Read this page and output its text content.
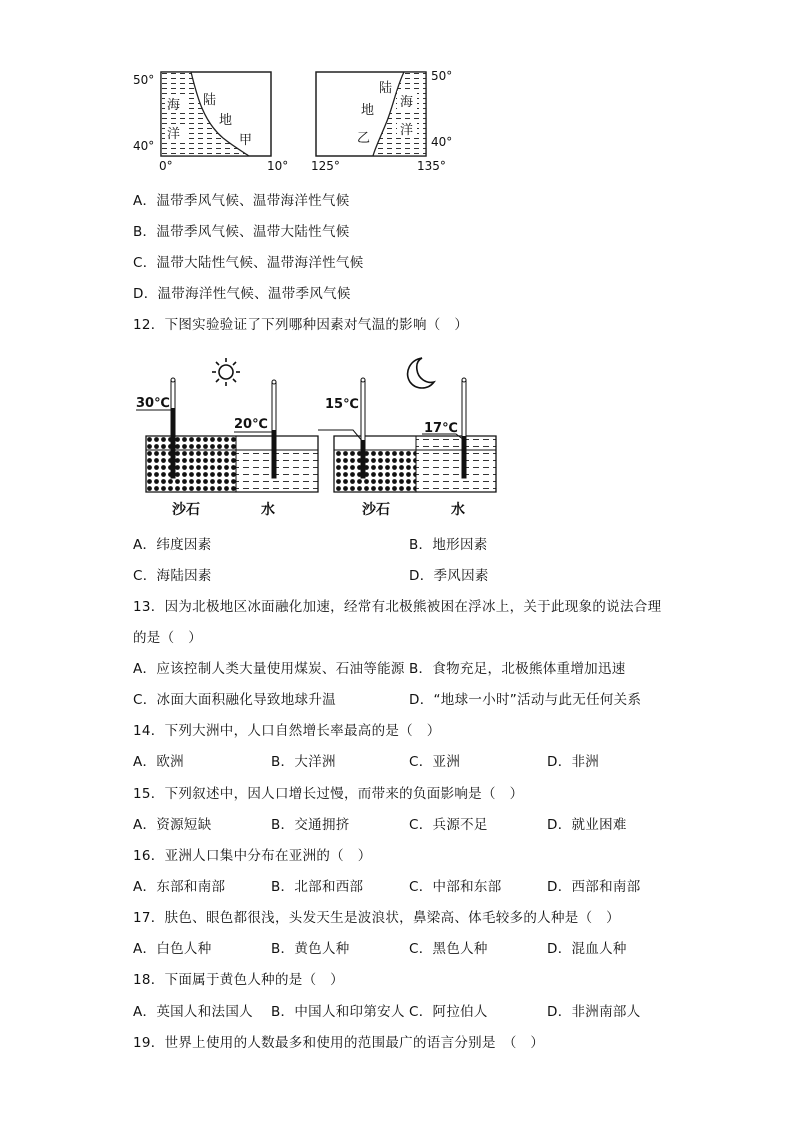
50°
40°
0°	10°
海
洋
陆
地
甲
50°
40°
125°	135°
陆
地
乙
海
洋
A．温带季风气候、温带海洋性气候
B．温带季风气候、温带大陆性气候
C．温带大陆性气候、温带海洋性气候
D．温带海洋性气候、温带季风气候
12．下图实验验证了下列哪种因素对气温的影响（　）
30℃
20℃
沙石	水
15℃
17℃
沙石	水
A．纬度因素	B．地形因素
C．海陆因素	D．季风因素
13．因为北极地区冰面融化加速，经常有北极熊被困在浮冰上，关于此现象的说法合理
的是（　）
A．应该控制人类大量使用煤炭、石油等能源 B．食物充足，北极熊体重增加迅速
C．冰面大面积融化导致地球升温	D．“地球一小时”活动与此无任何关系
14．下列大洲中，人口自然增长率最高的是（　）
A．欧洲	B．大洋洲	C．亚洲	D．非洲
15．下列叙述中，因人口增长过慢，而带来的负面影响是（　）
A．资源短缺	B．交通拥挤	C．兵源不足	D．就业困难
16．亚洲人口集中分布在亚洲的（　）
A．东部和南部	B．北部和西部	C．中部和东部	D．西部和南部
17．肤色、眼色都很浅，头发天生是波浪状，鼻梁高、体毛较多的人种是（　）
A．白色人种	B．黄色人种	C．黑色人种	D．混血人种
18．下面属于黄色人种的是（　）
A．英国人和法国人 B．中国人和印第安人 C．阿拉伯人	D．非洲南部人
19．世界上使用的人数最多和使用的范围最广的语言分别是　（　）
